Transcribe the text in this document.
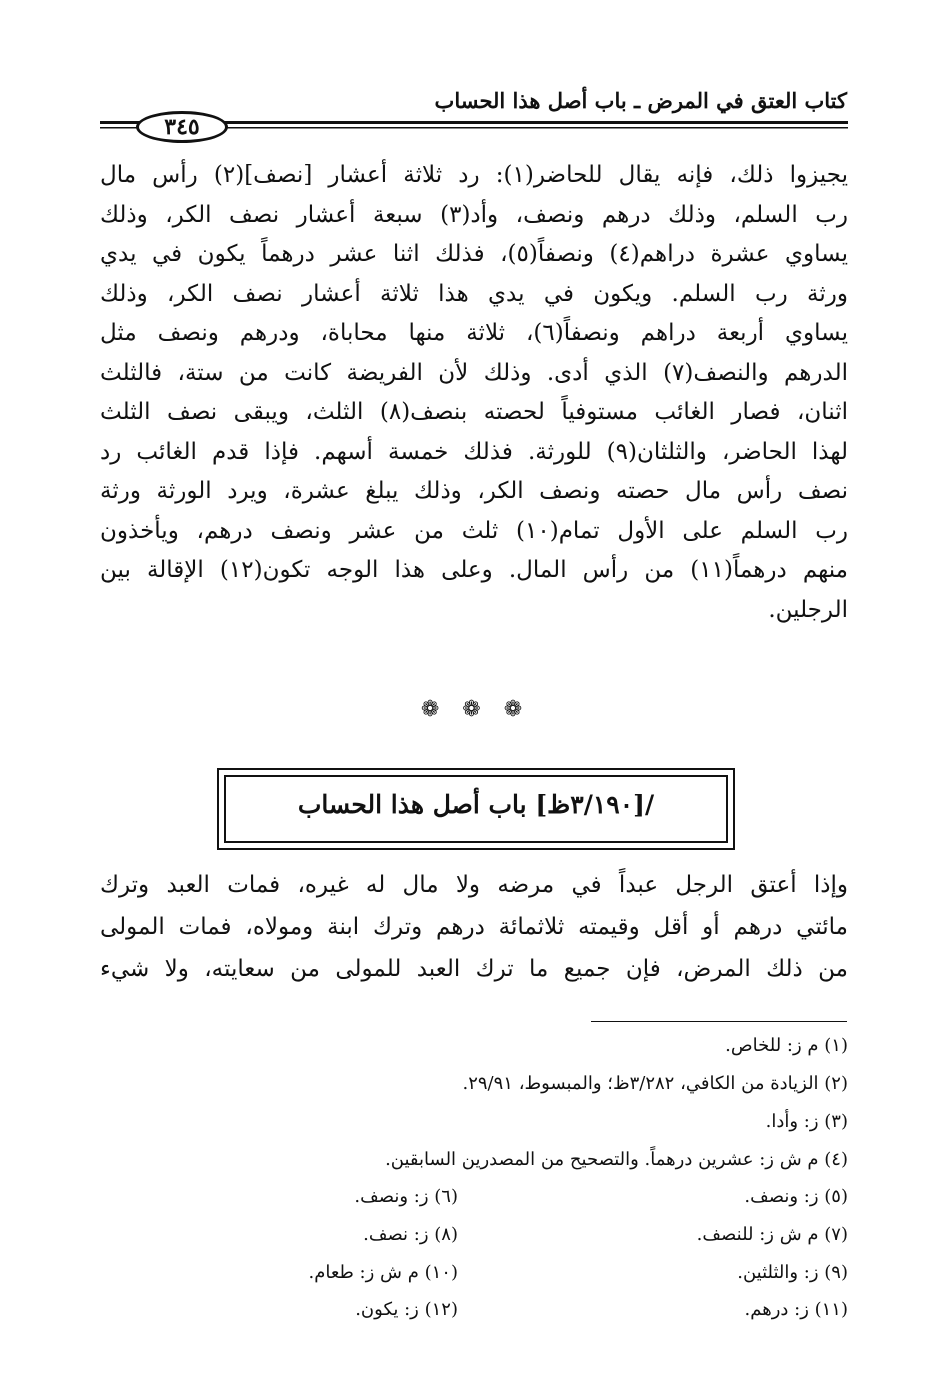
كتاب العتق في المرض ـ باب أصل هذا الحساب
٣٤٥
يجيزوا ذلك، فإنه يقال للحاضر(١): رد ثلاثة أعشار [نصف](٢) رأس مال
رب السلم، وذلك درهم ونصف، وأد(٣) سبعة أعشار نصف الكر، وذلك
يساوي عشرة دراهم(٤) ونصفاً(٥)، فذلك اثنا عشر درهماً يكون في يدي
ورثة رب السلم. ويكون في يدي هذا ثلاثة أعشار نصف الكر، وذلك
يساوي أربعة دراهم ونصفاً(٦)، ثلاثة منها محاباة، ودرهم ونصف مثل
الدرهم والنصف(٧) الذي أدى. وذلك لأن الفريضة كانت من ستة، فالثلث
اثنان، فصار الغائب مستوفياً لحصته بنصف(٨) الثلث، ويبقى نصف الثلث
لهذا الحاضر، والثلثان(٩) للورثة. فذلك خمسة أسهم. فإذا قدم الغائب رد
نصف رأس مال حصته ونصف الكر، وذلك يبلغ عشرة، ويرد الورثة ورثة
رب السلم على الأول تمام(١٠) ثلث من عشر ونصف درهم، ويأخذون
منهم درهماً(١١) من رأس المال. وعلى هذا الوجه تكون(١٢) الإقالة بين
الرجلين.
❁ ❁ ❁
/[٣/١٩٠ظ] باب أصل هذا الحساب
وإذا أعتق الرجل عبداً في مرضه ولا مال له غيره، فمات العبد وترك
مائتي درهم أو أقل وقيمته ثلاثمائة درهم وترك ابنة ومولاه، فمات المولى
من ذلك المرض، فإن جميع ما ترك العبد للمولى من سعايته، ولا شيء
(١) م ز: للخاص.
(٢) الزيادة من الكافي، ٣/٢٨٢ظ؛ والمبسوط، ٢٩/٩١.
(٣) ز: وأدا.
(٤) م ش ز: عشرين درهماً. والتصحيح من المصدرين السابقين.
(٥) ز: ونصف.
(٦) ز: ونصف.
(٧) م ش ز: للنصف.
(٨) ز: نصف.
(٩) ز: والثلثين.
(١٠) م ش ز: طعام.
(١١) ز: درهم.
(١٢) ز: يكون.
